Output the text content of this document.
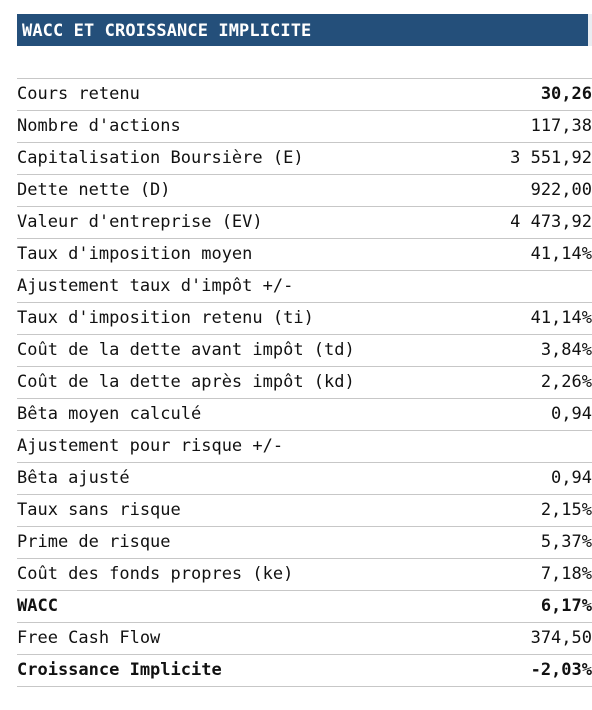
WACC ET CROISSANCE IMPLICITE
Cours retenu	30,26
Nombre d'actions	117,38
Capitalisation Boursière (E)	3 551,92
Dette nette (D)	922,00
Valeur d'entreprise (EV)	4 473,92
Taux d'imposition moyen	41,14%
Ajustement taux d'impôt +/-	
Taux d'imposition retenu (ti)	41,14%
Coût de la dette avant impôt (td)	3,84%
Coût de la dette après impôt (kd)	2,26%
Bêta moyen calculé	0,94
Ajustement pour risque +/-	
Bêta ajusté	0,94
Taux sans risque	2,15%
Prime de risque	5,37%
Coût des fonds propres (ke)	7,18%
WACC	6,17%
Free Cash Flow	374,50
Croissance Implicite	-2,03%
